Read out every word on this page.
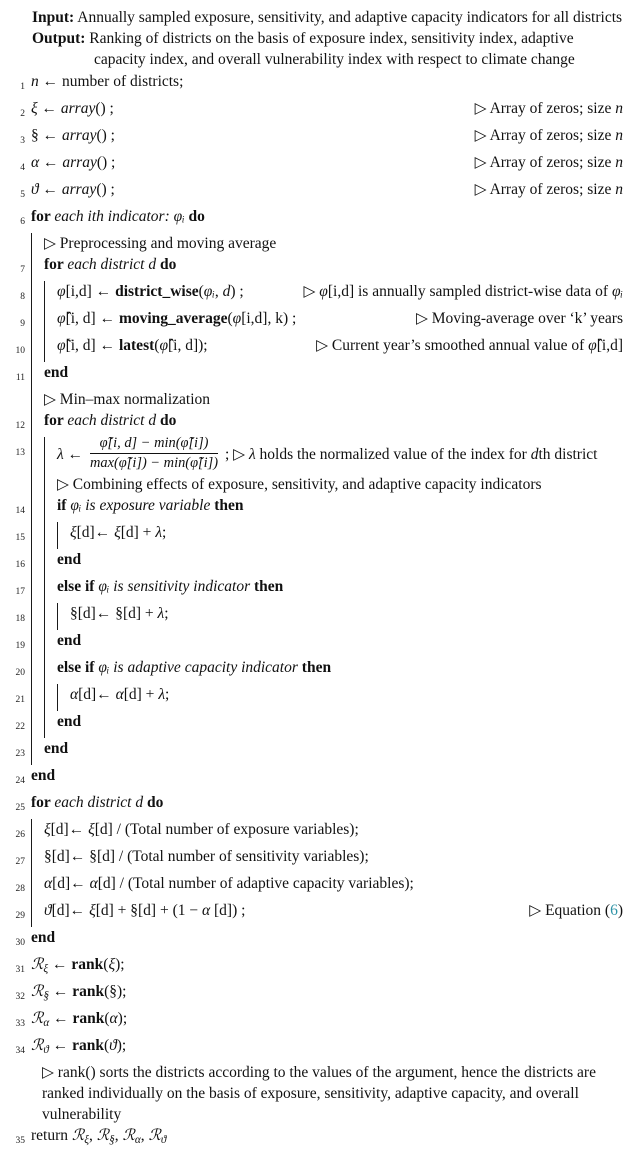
Input: Annually sampled exposure, sensitivity, and adaptive capacity indicators for all districts
Output: Ranking of districts on the basis of exposure index, sensitivity index, adaptive capacity index, and overall vulnerability index with respect to climate change
1 n ← number of districts;
2 ξ ← array() ;	▷ Array of zeros; size n
3 § ← array() ;	▷ Array of zeros; size n
4 α ← array() ;	▷ Array of zeros; size n
5 ϑ ← array() ;	▷ Array of zeros; size n
6 for each ith indicator: φᵢ do
▷ Preprocessing and moving average
7 for each district d do
8 φ[i,d] ← district_wise(φᵢ, d) ;	▷ φ[i,d] is annually sampled district-wise data of φᵢ
9 φ̂[i, d] ← moving_average(φ[i,d], k) ;	▷ Moving-average over ‘k’ years
10 φ̃[i, d] ← latest(φ̂[i, d]);	▷ Current year’s smoothed annual value of φ̂[i,d]
11 end
▷ Min–max normalization
12 for each district d do
13 λ ← $\frac{\varphĩ[i, d] - \min(\varphĩ[i])}{\max(\varphĩ[i]) - \min(\varphĩ[i])}$ ; ▷ λ holds the normalized value of the index for dth district
▷ Combining effects of exposure, sensitivity, and adaptive capacity indicators
14 if φᵢ is exposure variable then
15	ξ[d]← ξ[d] + λ;
16 end
17 else if φᵢ is sensitivity indicator then
18	§[d]← §[d] + λ;
19 end
20 else if φᵢ is adaptive capacity indicator then
21	α[d]← α[d] + λ;
22 end
23 end
24 end
25 for each district d do
26 ξ[d]← ξ[d] / (Total number of exposure variables);
27 §[d]← §[d] / (Total number of sensitivity variables);
28 α[d]← α[d] / (Total number of adaptive capacity variables);
29 ϑ[d]← ξ[d] + §[d] + (1 − α [d]) ;	▷ Equation (6)
30 end
31 ℛ$_\xi$ ← rank(ξ);
32 ℛ$_\S$ ← rank(§);
33 ℛ$_\alpha$ ← rank(α);
34 ℛ$_ϑ$ ← rank(ϑ);
▷ rank() sorts the districts according to the values of the argument, hence the districts are ranked individually on the basis of exposure, sensitivity, adaptive capacity, and overall vulnerability
35 return ℛ$_\xi$, ℛ$_\S$, ℛ$_\alpha$, ℛ$_ϑ$
